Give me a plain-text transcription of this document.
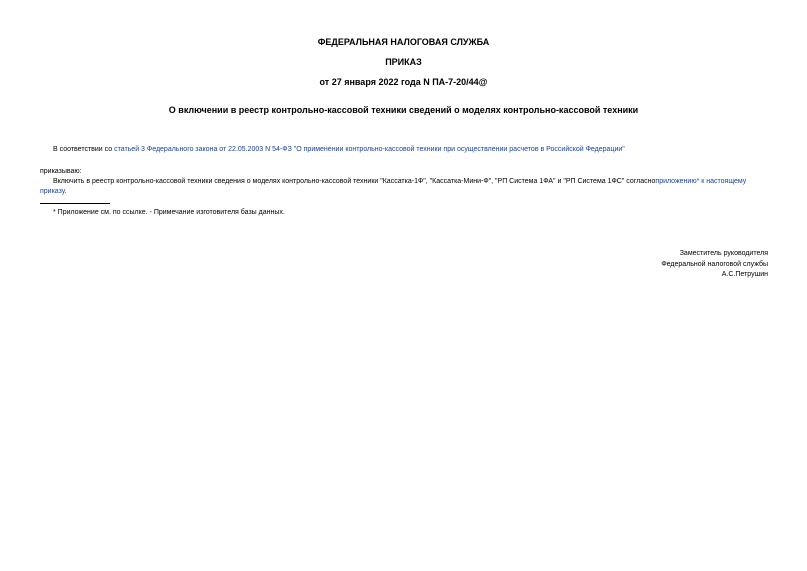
ФЕДЕРАЛЬНАЯ НАЛОГОВАЯ СЛУЖБА
ПРИКАЗ
от 27 января 2022 года N ПА-7-20/44@
О включении в реестр контрольно-кассовой техники сведений о моделях контрольно-кассовой техники
В соответствии со статьей 3 Федерального закона от 22.05.2003 N 54-ФЗ "О применении контрольно-кассовой техники при осуществлении расчетов в Российской Федерации"
приказываю:
Включить в реестр контрольно-кассовой техники сведения о моделях контрольно-кассовой техники "Кассатка-1Ф", "Кассатка-Мини-Ф", "РП Система 1ФА" и "РП Система 1ФС" согласноприложению* к настоящему приказу.
* Приложение см. по ссылке. - Примечание изготовителя базы данных.
Заместитель руководителя
Федеральной налоговой службы
А.С.Петрушин
